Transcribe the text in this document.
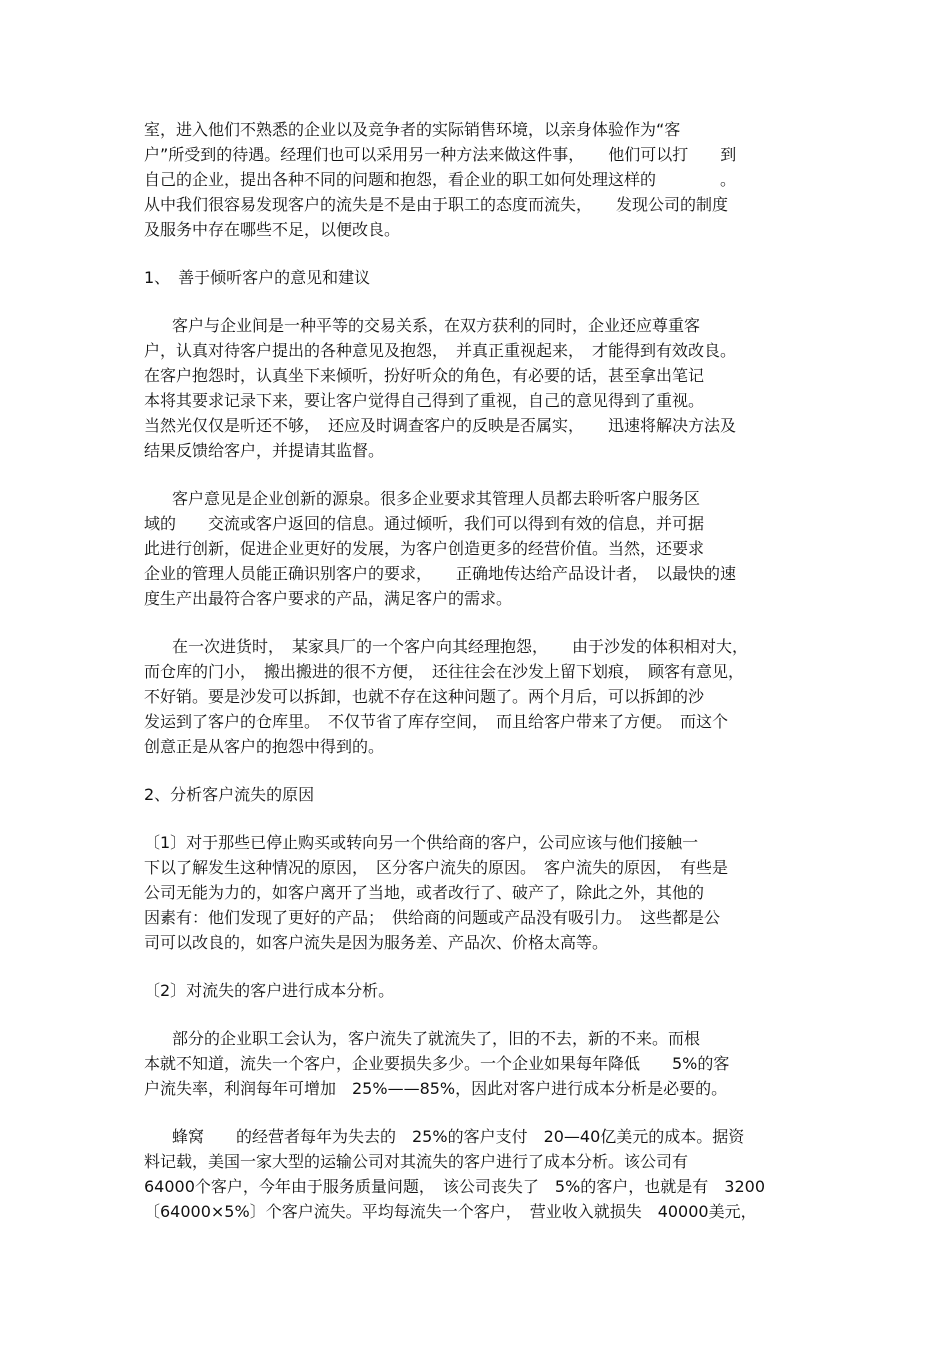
室，进入他们不熟悉的企业以及竞争者的实际销售环境，以亲身体验作为“客
户”所受到的待遇。经理们也可以采用另一种方法来做这件事，　　他们可以打　　到
自己的企业，提出各种不同的问题和抱怨，看企业的职工如何处理这样的　　　　。
从中我们很容易发现客户的流失是不是由于职工的态度而流失，　　发现公司的制度
及服务中存在哪些不足，以便改良。
1、　善于倾听客户的意见和建议
客户与企业间是一种平等的交易关系，在双方获利的同时，企业还应尊重客
户，认真对待客户提出的各种意见及抱怨，　并真正重视起来，　才能得到有效改良。
在客户抱怨时，认真坐下来倾听，扮好听众的角色，有必要的话，甚至拿出笔记
本将其要求记录下来，要让客户觉得自己得到了重视，自己的意见得到了重视。
当然光仅仅是听还不够，　还应及时调查客户的反映是否属实，　　迅速将解决方法及
结果反馈给客户，并提请其监督。
客户意见是企业创新的源泉。很多企业要求其管理人员都去聆听客户服务区
域的　　交流或客户返回的信息。通过倾听，我们可以得到有效的信息，并可据
此进行创新，促进企业更好的发展，为客户创造更多的经营价值。当然，还要求
企业的管理人员能正确识别客户的要求，　　正确地传达给产品设计者，　以最快的速
度生产出最符合客户要求的产品，满足客户的需求。
在一次进货时，　某家具厂的一个客户向其经理抱怨，　　由于沙发的体积相对大，
而仓库的门小，　搬出搬进的很不方便，　还往往会在沙发上留下划痕，　顾客有意见，
不好销。要是沙发可以拆卸，也就不存在这种问题了。两个月后，可以拆卸的沙
发运到了客户的仓库里。　不仅节省了库存空间，　而且给客户带来了方便。　而这个
创意正是从客户的抱怨中得到的。
2、分析客户流失的原因
〔1〕对于那些已停止购买或转向另一个供给商的客户，公司应该与他们接触一
下以了解发生这种情况的原因，　区分客户流失的原因。　客户流失的原因，　有些是
公司无能为力的，如客户离开了当地，或者改行了、破产了，除此之外，其他的
因素有：他们发现了更好的产品；　供给商的问题或产品没有吸引力。　这些都是公
司可以改良的，如客户流失是因为服务差、产品次、价格太高等。
〔2〕对流失的客户进行成本分析。
部分的企业职工会认为，客户流失了就流失了，旧的不去，新的不来。而根
本就不知道，流失一个客户，企业要损失多少。一个企业如果每年降低　　5%的客
户流失率，利润每年可增加　25%——85%，因此对客户进行成本分析是必要的。
蜂窝　　的经营者每年为失去的　25%的客户支付　20—40亿美元的成本。据资
料记载，美国一家大型的运输公司对其流失的客户进行了成本分析。该公司有
64000个客户，今年由于服务质量问题，　该公司丧失了　5%的客户，也就是有　3200
〔64000×5%〕个客户流失。平均每流失一个客户，　营业收入就损失　40000美元，
